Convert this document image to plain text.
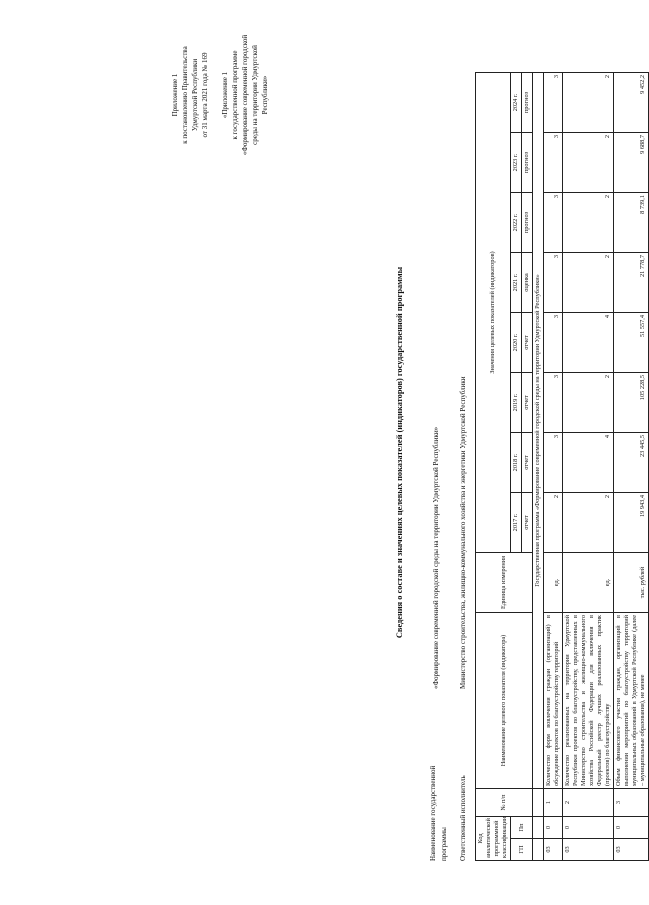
Приложение 1 к постановлению Правительства Удмуртской Республики от 31 марта 2021 года № 169 «Приложение 1 к государственной программе «Формирование современной городской среды на территории Удмуртской Республики»
Сведения о составе и значениях целевых показателей (индикаторов) государственной программы
Наименование государственной программы
«Формирование современной городской среды на территории Удмуртской Республики»
Ответственный исполнитель
Министерство строительства, жилищно-коммунального хозяйства и энергетики Удмуртской Республики
Код аналитической программной классификации		№ п/п	Наименование целевого показателя (индикатора)	Единица измерения	Значения целевых показателей (индикаторов)							
ГП	Пп				2017 г.	2018 г.	2019 г.	2020 г.	2021 г.	2022 г.	2023 г.	2024 г.
					отчет	отчет	отчет	отчет	оценка	прогноз	прогноз	прогноз
			Государственная программа «Формирование современной городской среды на территории Удмуртской Республики»									
03	0	1	Количество форм вовлечения граждан (организаций) в обсуждение проектов по благоустройству территорий	ед.	2	3	3	3	3	3	3	3
03	0	2	Количество реализованных на территории Удмуртской Республики проектов по благоустройству, представленных в Министерство строительства и жилищно-коммунального хозяйства Российской Федерации для включения в Федеральный реестр лучших реализованных практик (проектов) по благоустройству	ед.	2	4	2	4	2	2	2	2
03	0	3	Объем финансового участия граждан, организаций в выполнении мероприятий по благоустройству территорий муниципальных образований в Удмуртской Республике (далее – муниципальные образования), не менее	тыс. рублей	19 943,4	23 445,5	105 228,5	51 557,4	21 778,7	8 739,1	9 688,7	9 452,2
